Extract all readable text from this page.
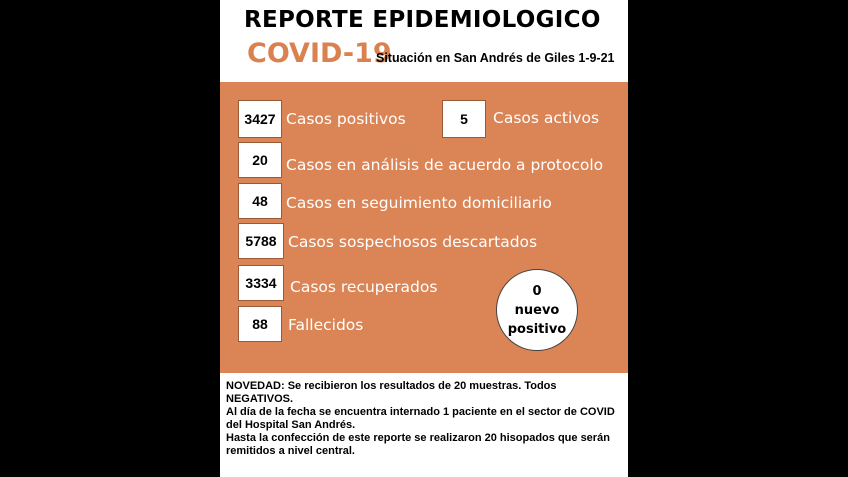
REPORTE EPIDEMIOLOGICO
COVID-19
Situación en San Andrés de Giles 1-9-21
3427 Casos positivos	5	Casos activos
20	Casos en análisis de acuerdo a protocolo
48	Casos en seguimiento domiciliario
5788 Casos sospechosos descartados
3334 Casos recuperados
88	Fallecidos
0
nuevo
positivo

NOVEDAD: Se recibieron los resultados de 20 muestras. Todos NEGATIVOS.

Al día de la fecha se encuentra internado 1 paciente en el sector de COVID del Hospital San Andrés.

Hasta la confección de este reporte se realizaron 20 hisopados que serán remitidos a nivel central.
